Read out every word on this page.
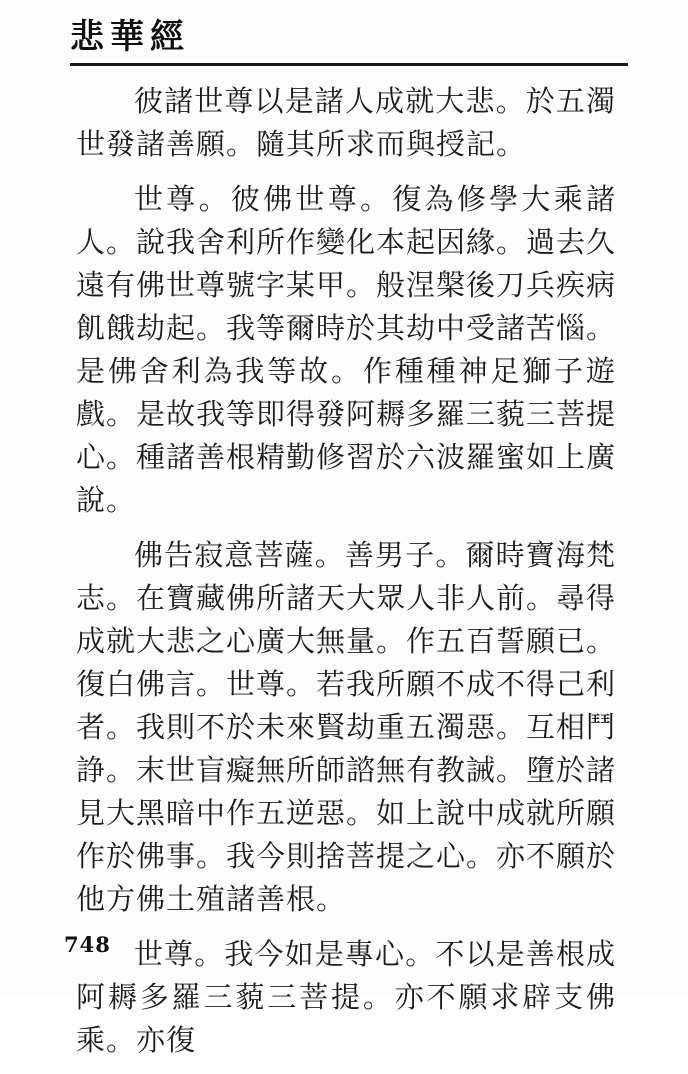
悲華經

彼諸世尊以是諸人成就大悲。於五濁世發諸善願。隨其所求而與授記。

世尊。彼佛世尊。復為修學大乘諸人。說我舍利所作變化本起因緣。過去久遠有佛世尊號字某甲。般涅槃後刀兵疾病飢餓劫起。我等爾時於其劫中受諸苦惱。是佛舍利為我等故。作種種神足獅子遊戲。是故我等即得發阿耨多羅三藐三菩提心。種諸善根精勤修習於六波羅蜜如上廣說。

佛告寂意菩薩。善男子。爾時寶海梵志。在寶藏佛所諸天大眾人非人前。尋得成就大悲之心廣大無量。作五百誓願已。復白佛言。世尊。若我所願不成不得己利者。我則不於未來賢劫重五濁惡。互相鬥諍。末世盲癡無所師諮無有教誡。墮於諸見大黑暗中作五逆惡。如上說中成就所願作於佛事。我今則捨菩提之心。亦不願於他方佛土殖諸善根。

世尊。我今如是專心。不以是善根成阿耨多羅三藐三菩提。亦不願求辟支佛乘。亦復

748
